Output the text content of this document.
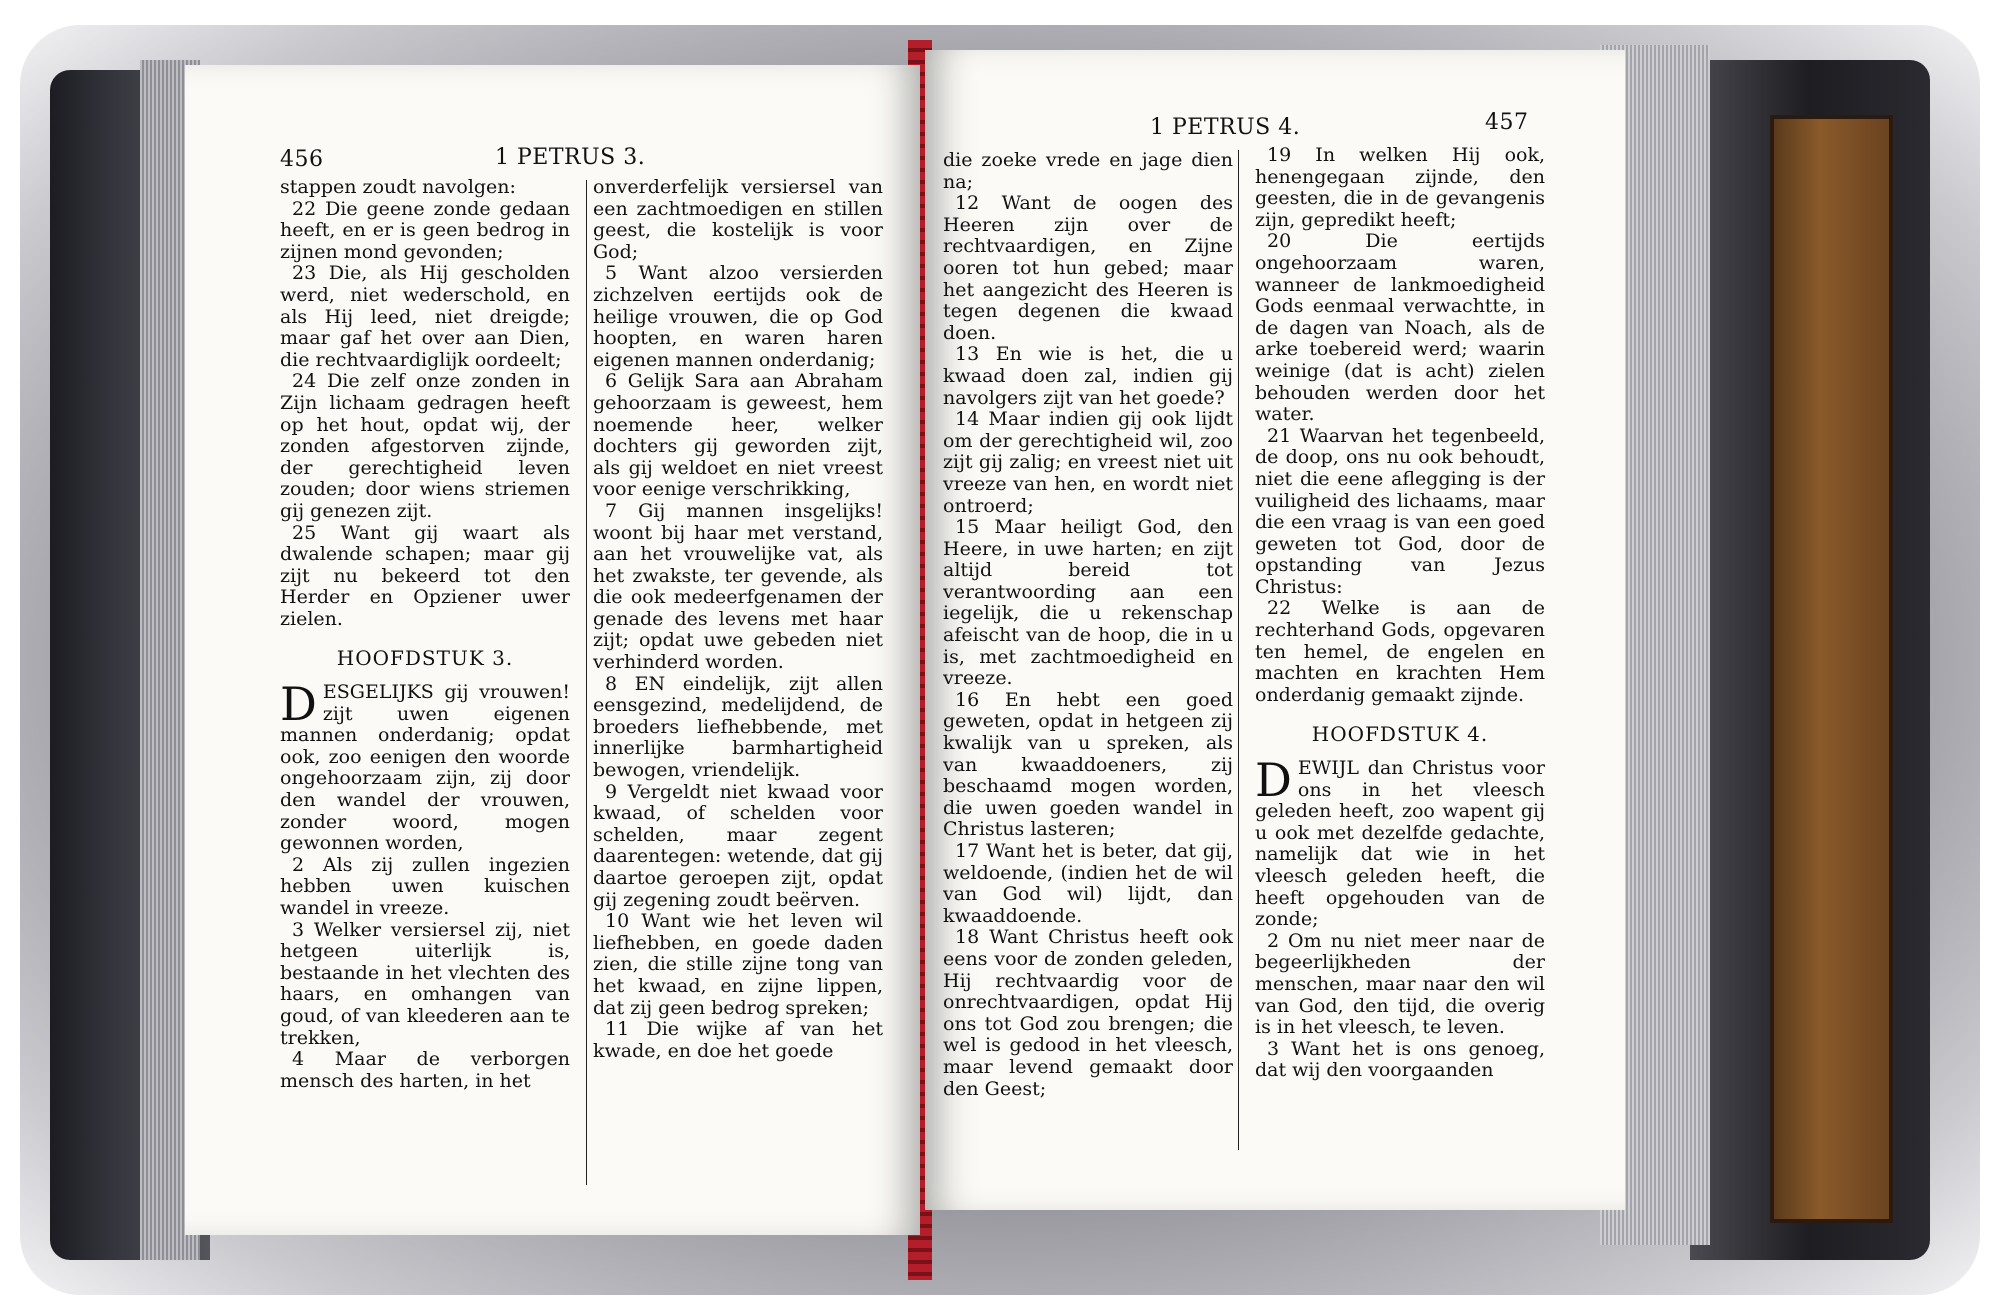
456	1 PETRUS 3.

stappen zoudt navolgen:

22 Die geene zonde gedaan heeft, en er is geen bedrog in zijnen mond gevonden;

23 Die, als Hij gescholden werd, niet wederschold, en als Hij leed, niet dreigde; maar gaf het over aan Dien, die rechtvaardiglijk oordeelt;

24 Die zelf onze zonden in Zijn lichaam gedragen heeft op het hout, opdat wij, der zonden afgestorven zijnde, der gerechtigheid leven zouden; door wiens striemen gij genezen zijt.

25 Want gij waart als dwalende schapen; maar gij zijt nu bekeerd tot den Herder en Opziener uwer zielen.

HOOFDSTUK 3.

DESGELIJKS gij vrouwen! zijt uwen eigenen mannen onderdanig; opdat ook, zoo eenigen den woorde ongehoorzaam zijn, zij door den wandel der vrouwen, zonder woord, mogen gewonnen worden,

2 Als zij zullen ingezien hebben uwen kuischen wandel in vreeze.

3 Welker versiersel zij, niet hetgeen uiterlijk is, bestaande in het vlechten des haars, en omhangen van goud, of van kleederen aan te trekken,

4 Maar de verborgen mensch des harten, in het

onverderfelijk versiersel van een zachtmoedigen en stillen geest, die kostelijk is voor God;

5 Want alzoo versierden zichzelven eertijds ook de heilige vrouwen, die op God hoopten, en waren haren eigenen mannen onderdanig;

6 Gelijk Sara aan Abraham gehoorzaam is geweest, hem noemende heer, welker dochters gij geworden zijt, als gij weldoet en niet vreest voor eenige verschrikking,

7 Gij mannen insgelijks! woont bij haar met verstand, aan het vrouwelijke vat, als het zwakste, ter gevende, als die ook medeerfgenamen der genade des levens met haar zijt; opdat uwe gebeden niet verhinderd worden.

8 EN eindelijk, zijt allen eensgezind, medelijdend, de broeders liefhebbende, met innerlijke barmhartigheid bewogen, vriendelijk.

9 Vergeldt niet kwaad voor kwaad, of schelden voor schelden, maar zegent daarentegen: wetende, dat gij daartoe geroepen zijt, opdat gij zegening zoudt beërven.

10 Want wie het leven wil liefhebben, en goede daden zien, die stille zijne tong van het kwaad, en zijne lippen, dat zij geen bedrog spreken;

11 Die wijke af van het kwade, en doe het goede

1 PETRUS 4.	457

die zoeke vrede en jage dien na;

12 Want de oogen des Heeren zijn over de rechtvaardigen, en Zijne ooren tot hun gebed; maar het aangezicht des Heeren is tegen degenen die kwaad doen.

13 En wie is het, die u kwaad doen zal, indien gij navolgers zijt van het goede?

14 Maar indien gij ook lijdt om der gerechtigheid wil, zoo zijt gij zalig; en vreest niet uit vreeze van hen, en wordt niet ontroerd;

15 Maar heiligt God, den Heere, in uwe harten; en zijt altijd bereid tot verantwoording aan een iegelijk, die u rekenschap afeischt van de hoop, die in u is, met zachtmoedigheid en vreeze.

16 En hebt een goed geweten, opdat in hetgeen zij kwalijk van u spreken, als van kwaaddoeners, zij beschaamd mogen worden, die uwen goeden wandel in Christus lasteren;

17 Want het is beter, dat gij, weldoende, (indien het de wil van God wil) lijdt, dan kwaaddoende.

18 Want Christus heeft ook eens voor de zonden geleden, Hij rechtvaardig voor de onrechtvaardigen, opdat Hij ons tot God zou brengen; die wel is gedood in het vleesch, maar levend gemaakt door den Geest;

19 In welken Hij ook, henengegaan zijnde, den geesten, die in de gevangenis zijn, gepredikt heeft;

20 Die eertijds ongehoorzaam waren, wanneer de lankmoedigheid Gods eenmaal verwachtte, in de dagen van Noach, als de arke toebereid werd; waarin weinige (dat is acht) zielen behouden werden door het water.

21 Waarvan het tegenbeeld, de doop, ons nu ook behoudt, niet die eene aflegging is der vuiligheid des lichaams, maar die een vraag is van een goed geweten tot God, door de opstanding van Jezus Christus:

22 Welke is aan de rechterhand Gods, opgevaren ten hemel, de engelen en machten en krachten Hem onderdanig gemaakt zijnde.

HOOFDSTUK 4.

DEWIJL dan Christus voor ons in het vleesch geleden heeft, zoo wapent gij u ook met dezelfde gedachte, namelijk dat wie in het vleesch geleden heeft, die heeft opgehouden van de zonde;

2 Om nu niet meer naar de begeerlijkheden der menschen, maar naar den wil van God, den tijd, die overig is in het vleesch, te leven.

3 Want het is ons genoeg, dat wij den voorgaanden
